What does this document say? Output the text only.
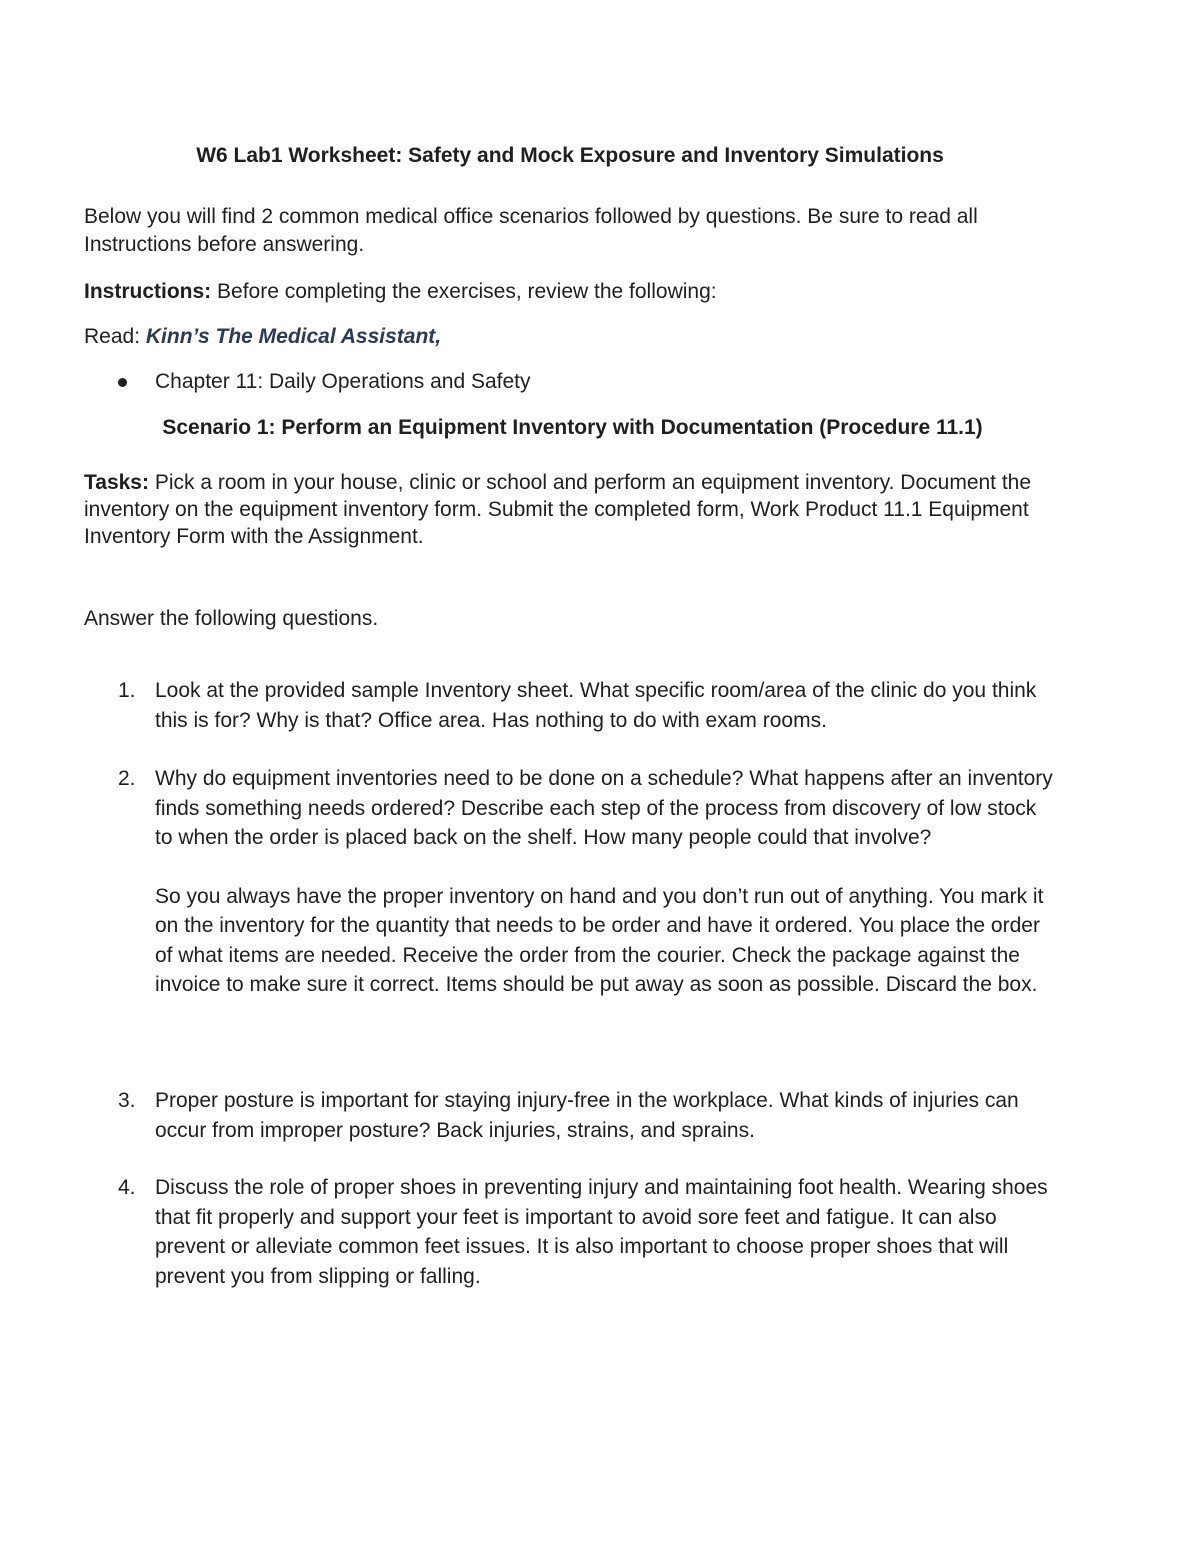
W6 Lab1 Worksheet: Safety and Mock Exposure and Inventory Simulations
Below you will find 2 common medical office scenarios followed by questions. Be sure to read all Instructions before answering.
Instructions: Before completing the exercises, review the following:
Read: Kinn’s The Medical Assistant,
Chapter 11: Daily Operations and Safety
Scenario 1: Perform an Equipment Inventory with Documentation (Procedure 11.1)
Tasks: Pick a room in your house, clinic or school and perform an equipment inventory. Document the inventory on the equipment inventory form. Submit the completed form, Work Product 11.1 Equipment Inventory Form with the Assignment.
Answer the following questions.
1. Look at the provided sample Inventory sheet. What specific room/area of the clinic do you think this is for? Why is that? Office area. Has nothing to do with exam rooms.
2. Why do equipment inventories need to be done on a schedule? What happens after an inventory finds something needs ordered? Describe each step of the process from discovery of low stock to when the order is placed back on the shelf. How many people could that involve?
So you always have the proper inventory on hand and you don’t run out of anything. You mark it on the inventory for the quantity that needs to be order and have it ordered. You place the order of what items are needed. Receive the order from the courier. Check the package against the invoice to make sure it correct. Items should be put away as soon as possible. Discard the box.
3. Proper posture is important for staying injury-free in the workplace. What kinds of injuries can occur from improper posture? Back injuries, strains, and sprains.
4. Discuss the role of proper shoes in preventing injury and maintaining foot health. Wearing shoes that fit properly and support your feet is important to avoid sore feet and fatigue. It can also prevent or alleviate common feet issues. It is also important to choose proper shoes that will prevent you from slipping or falling.
